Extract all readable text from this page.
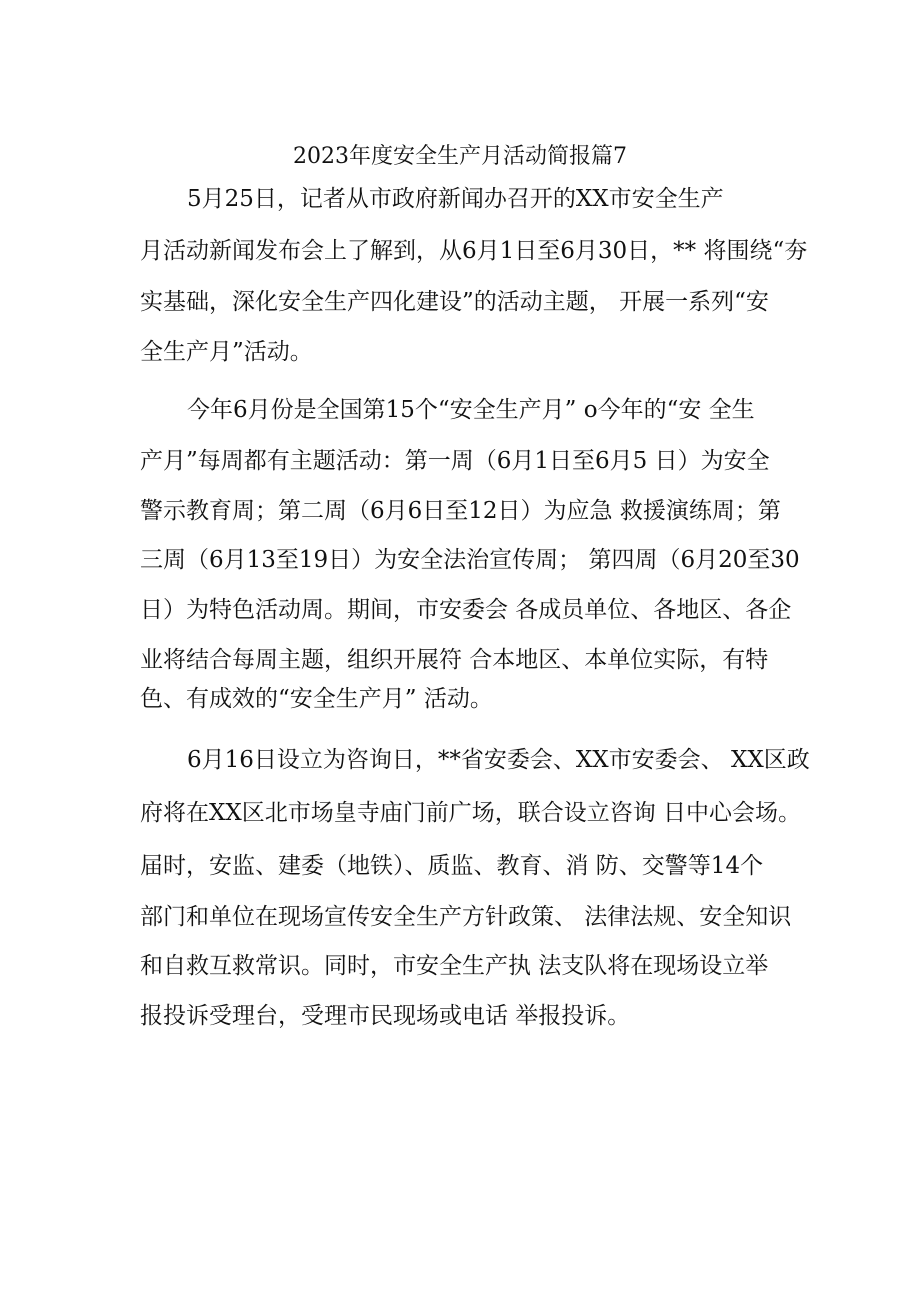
2023年度安全生产月活动简报篇7
5月25日，记者从市政府新闻办召开的XX市安全生产
月活动新闻发布会上了解到，从6月1日至6月30日，** 将围绕“夯
实基础，深化安全生产四化建设”的活动主题， 开展一系列“安
全生产月”活动。
今年6月份是全国第15个“安全生产月” o今年的“安 全生
产月”每周都有主题活动：第一周（6月1日至6月5 日）为安全
警示教育周；第二周（6月6日至12日）为应急 救援演练周；第
三周（6月13至19日）为安全法治宣传周； 第四周（6月20至30
日）为特色活动周。期间，市安委会 各成员单位、各地区、各企
业将结合每周主题，组织开展符 合本地区、本单位实际，有特
色、有成效的“安全生产月” 活动。
6月16日设立为咨询日，**省安委会、XX市安委会、 XX区政
府将在XX区北市场皇寺庙门前广场，联合设立咨询 日中心会场。
届时，安监、建委（地铁）、质监、教育、消 防、交警等14个
部门和单位在现场宣传安全生产方针政策、 法律法规、安全知识
和自救互救常识。同时，市安全生产执 法支队将在现场设立举
报投诉受理台，受理市民现场或电话 举报投诉。
